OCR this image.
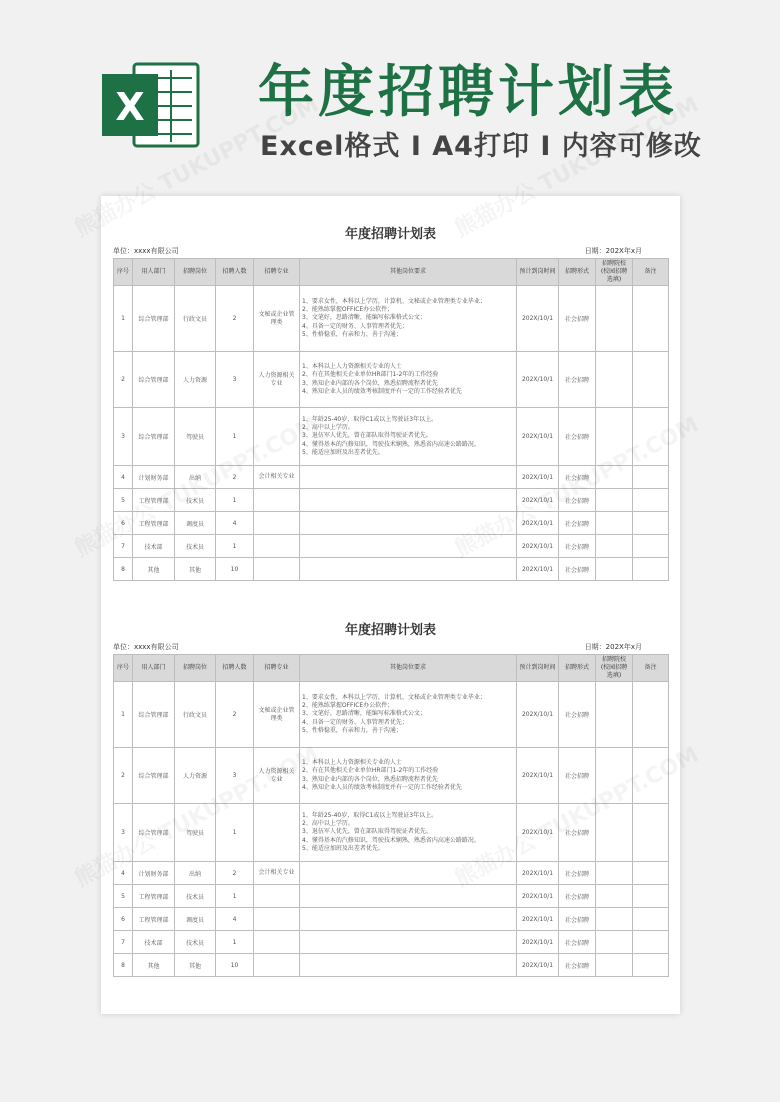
X 年度招聘计划表
Excel格式 I A4打印 I 内容可修改
年度招聘计划表
单位：xxxx有限公司	日期：202X年x月
序号	用人部门	招聘岗位	招聘人数	招聘专业	其他岗位要求	预计到岗时间	招聘形式	招聘院校(校园招聘选填)	备注
1	综合管理部	行政文员	2	文秘或企业管理类	1、要求女性，本科以上学历，计算机、文秘或企业管理类专业毕业；
2、能熟练掌握OFFICE办公软件；
3、文笔好，思路清晰，能编写标准格式公文；
4、具备一定的财务、人事管理者优先；
5、性格稳重，有亲和力，善于沟通；	202X/10/1	社会招聘		
2	综合管理部	人力资源	3	人力资源相关专业	1、本科以上人力资源相关专业的人士
2、有在其他相关企业单位HR部门1-2年的工作经验
3、熟知企业内部的各个岗位，熟悉招聘流程者优先
4、熟知企业人员的绩效考核制度并有一定的工作经验者优先	202X/10/1	社会招聘		
3	综合管理部	驾驶员	1		1、年龄25-40岁，取得C1或以上驾驶证3年以上。
2、高中以上学历。
3、退伍军人优先，曾在部队取得驾驶证者优先。
4、懂得基本的汽修知识，驾驶技术娴熟，熟悉省内高速公路路况。
5、能适应加班及出差者优先。	202X/10/1	社会招聘		
4	计划财务部	出纳	2	会计相关专业		202X/10/1	社会招聘		
5	工程管理部	技术员	1			202X/10/1	社会招聘		
6	工程管理部	调度员	4			202X/10/1	社会招聘		
7	技术部	技术员	1			202X/10/1	社会招聘		
8	其他	其他	10			202X/10/1	社会招聘		
年度招聘计划表
单位：xxxx有限公司	日期：202X年x月
序号	用人部门	招聘岗位	招聘人数	招聘专业	其他岗位要求	预计到岗时间	招聘形式	招聘院校(校园招聘选填)	备注
1	综合管理部	行政文员	2	文秘或企业管理类	1、要求女性，本科以上学历，计算机、文秘或企业管理类专业毕业；
2、能熟练掌握OFFICE办公软件；
3、文笔好，思路清晰，能编写标准格式公文；
4、具备一定的财务、人事管理者优先；
5、性格稳重，有亲和力，善于沟通；	202X/10/1	社会招聘		
2	综合管理部	人力资源	3	人力资源相关专业	1、本科以上人力资源相关专业的人士
2、有在其他相关企业单位HR部门1-2年的工作经验
3、熟知企业内部的各个岗位，熟悉招聘流程者优先
4、熟知企业人员的绩效考核制度并有一定的工作经验者优先	202X/10/1	社会招聘		
3	综合管理部	驾驶员	1		1、年龄25-40岁，取得C1或以上驾驶证3年以上。
2、高中以上学历。
3、退伍军人优先，曾在部队取得驾驶证者优先。
4、懂得基本的汽修知识，驾驶技术娴熟，熟悉省内高速公路路况。
5、能适应加班及出差者优先。	202X/10/1	社会招聘		
4	计划财务部	出纳	2	会计相关专业		202X/10/1	社会招聘		
5	工程管理部	技术员	1			202X/10/1	社会招聘		
6	工程管理部	调度员	4			202X/10/1	社会招聘		
7	技术部	技术员	1			202X/10/1	社会招聘		
8	其他	其他	10			202X/10/1	社会招聘		
